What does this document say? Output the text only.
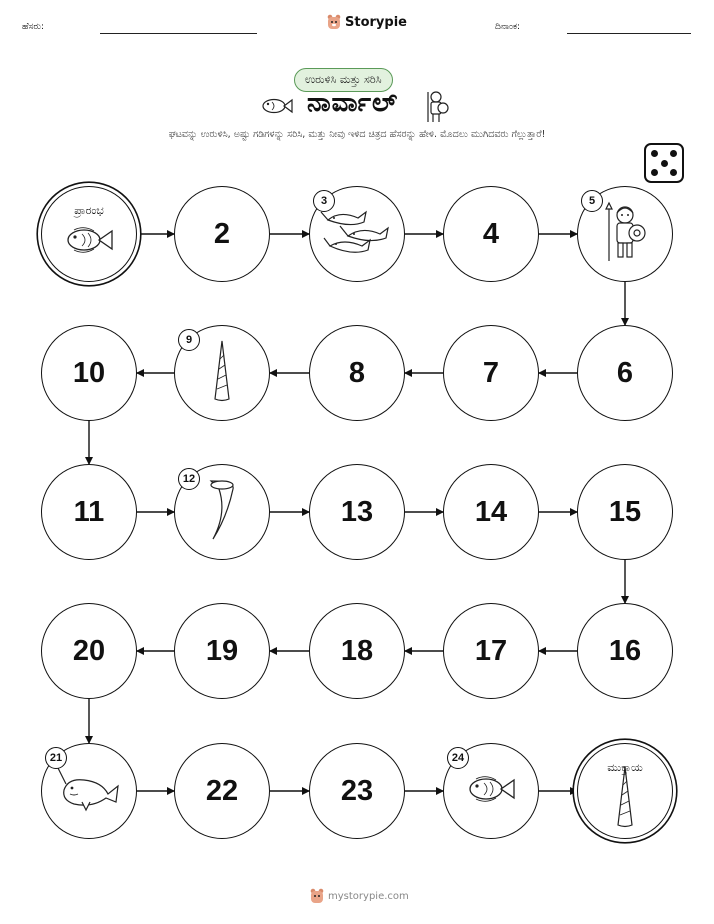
ಹೆಸರು:	Storypie	ದಿನಾಂಕ:
ಉರುಳಿಸಿ ಮತ್ತು ಸರಿಸಿ
ನಾರ್ವಾಲ್
ಘಟವನ್ನು ಉರುಳಿಸಿ, ಅಷ್ಟು ಗಡಿಗಳನ್ನು ಸರಿಸಿ, ಮತ್ತು ನೀವು ಇಳಿದ ಚಿತ್ರದ ಹೆಸರನ್ನು ಹೇಳಿ. ಮೊದಲು ಮುಗಿದವರು ಗೆಲ್ಲುತ್ತಾರೆ!
ಪ್ರಾರಂಭ
2
3
4
5
6
7
8
9
10
11
12
13	14	15
16
17
18
19
20
21
22	23
24
ಮುಕ್ತಾಯ
mystorypie.com
